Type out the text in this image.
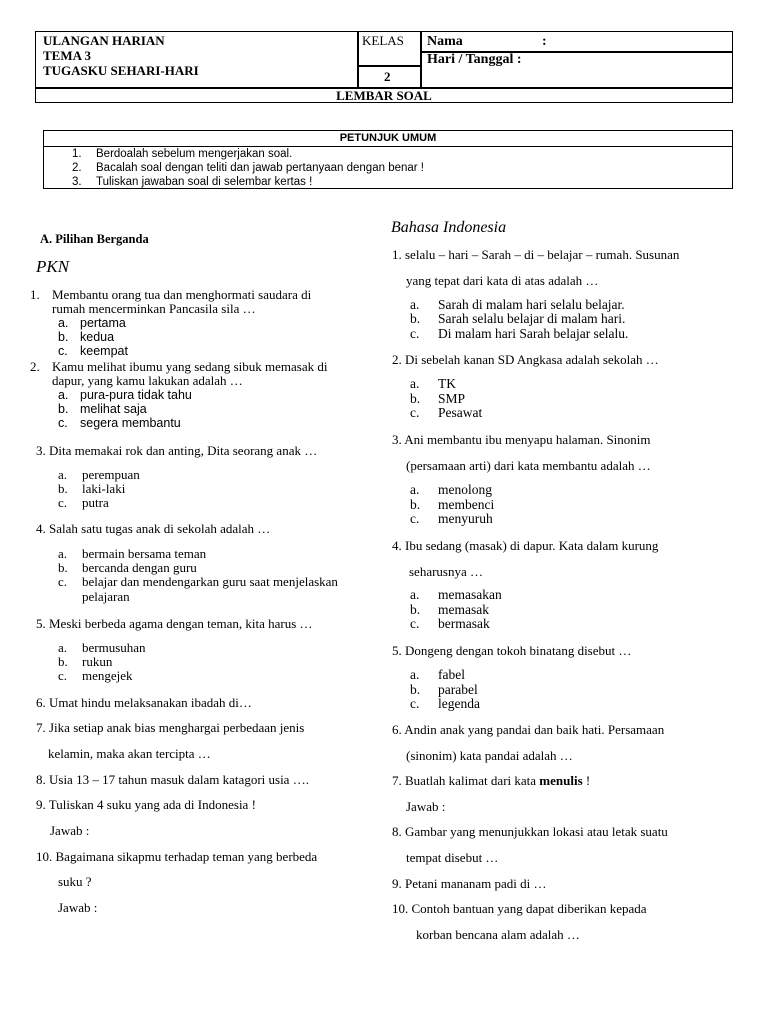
ULANGAN HARIAN
TEMA 3
TUGASKU SEHARI-HARI
KELAS
2
Nama	:
Hari / Tanggal :
LEMBAR SOAL
PETUNJUK UMUM
1. Berdoalah sebelum mengerjakan soal.
2. Bacalah soal dengan teliti dan jawab pertanyaan dengan benar !
3. Tuliskan jawaban soal di selembar kertas !
A. Pilihan Berganda
PKN
1. Membantu orang tua dan menghormati saudara di
rumah mencerminkan Pancasila sila …
a. pertama
b. kedua
c. keempat
2. Kamu melihat ibumu yang sedang sibuk memasak di
dapur, yang kamu lakukan adalah …
a. pura-pura tidak tahu
b. melihat saja
c. segera membantu
3. Dita memakai rok dan anting, Dita seorang anak …
a. perempuan
b. laki-laki
c. putra
4. Salah satu tugas anak di sekolah adalah …
a. bermain bersama teman
b. bercanda dengan guru
c. belajar dan mendengarkan guru saat menjelaskan
pelajaran
5. Meski berbeda agama dengan teman, kita harus …
a. bermusuhan
b. rukun
c. mengejek
6. Umat hindu melaksanakan ibadah di…
7. Jika setiap anak bias menghargai perbedaan jenis
kelamin, maka akan tercipta …
8. Usia 13 – 17 tahun masuk dalam katagori usia ….
9. Tuliskan 4 suku yang ada di Indonesia !
Jawab :
10. Bagaimana sikapmu terhadap teman yang berbeda
suku ?
Jawab :
Bahasa Indonesia
1. selalu – hari – Sarah – di – belajar – rumah. Susunan
yang tepat dari kata di atas adalah …
a. Sarah di malam hari selalu belajar.
b. Sarah selalu belajar di malam hari.
c. Di malam hari Sarah belajar selalu.
2. Di sebelah kanan SD Angkasa adalah sekolah …
a. TK
b. SMP
c. Pesawat
3. Ani membantu ibu menyapu halaman. Sinonim
(persamaan arti) dari kata membantu adalah …
a. menolong
b. membenci
c. menyuruh
4. Ibu sedang (masak) di dapur. Kata dalam kurung
seharusnya …
a. memasakan
b. memasak
c. bermasak
5. Dongeng dengan tokoh binatang disebut …
a. fabel
b. parabel
c. legenda
6. Andin anak yang pandai dan baik hati. Persamaan
(sinonim) kata pandai adalah …
7. Buatlah kalimat dari kata menulis !
Jawab :
8. Gambar yang menunjukkan lokasi atau letak suatu
tempat disebut …
9. Petani mananam padi di …
10. Contoh bantuan yang dapat diberikan kepada
korban bencana alam adalah …
